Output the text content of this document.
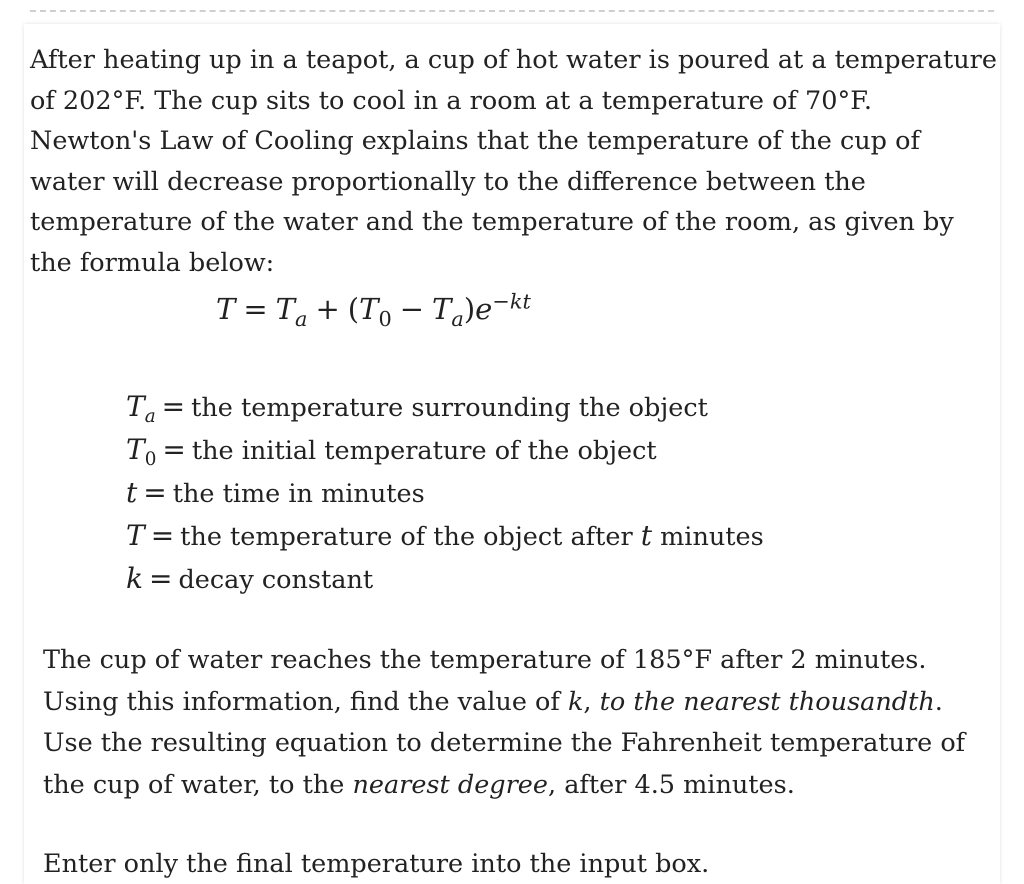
After heating up in a teapot, a cup of hot water is poured at a temperature of 202°F. The cup sits to cool in a room at a temperature of 70°F. Newton's Law of Cooling explains that the temperature of the cup of water will decrease proportionally to the difference between the temperature of the water and the temperature of the room, as given by the formula below:

$T = T_a + (T_0 - T_a)e^{-kt}$
$T_a$ = the temperature surrounding the object
$T_0$ = the initial temperature of the object
t = the time in minutes
T = the temperature of the object after t minutes
k = decay constant

The cup of water reaches the temperature of 185°F after 2 minutes. Using this information, find the value of k, to the nearest thousandth. Use the resulting equation to determine the Fahrenheit temperature of the cup of water, to the nearest degree, after 4.5 minutes.

Enter only the final temperature into the input box.
